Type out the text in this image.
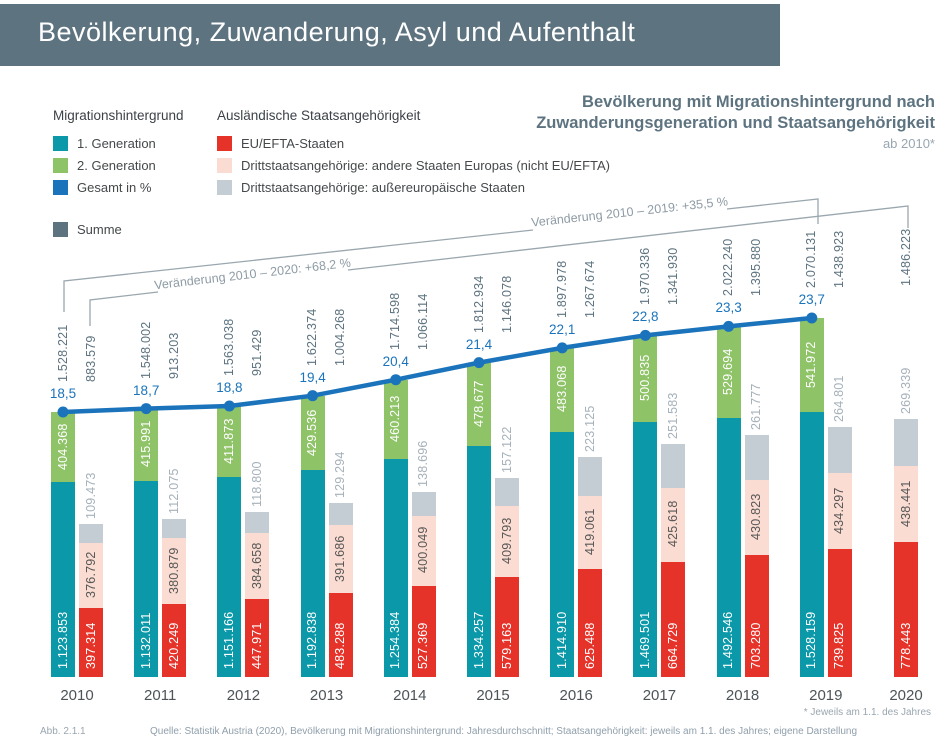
Bevölkerung, Zuwanderung, Asyl und Aufenthalt
Bevölkerung mit Migrationshintergrund nach
Zuwanderungsgeneration und Staatsangehörigkeit
ab 2010*
Migrationshintergrund
1. Generation
2. Generation
Gesamt in %
Ausländische Staatsangehörigkeit
EU/EFTA-Staaten
Drittstaatsangehörige: andere Staaten Europas (nicht EU/EFTA)
Drittstaatsangehörige: außereuropäische Staaten
Summe
1.123.853
404.368
1.528.221
18,5
397.314
376.792
109.473
883.579
2010
1.132.011
415.991
1.548.002
18,7
420.249
380.879
112.075
913.203
2011
1.151.166
411.873
1.563.038
18,8
447.971
384.658
118.800
951.429
2012
1.192.838
429.536
1.622.374
19,4
483.288
391.686
129.294
1.004.268
2013
1.254.384
460.213
1.714.598
20,4
527.369
400.049
138.696
1.066.114
2014
1.334.257
478.677
1.812.934
21,4
579.163
409.793
157.122
1.146.078
2015
1.414.910
483.068
1.897.978
22,1
625.488
419.061
223.125
1.267.674
2016
1.469.501
500.835
1.970.336
22,8
664.729
425.618
251.583
1.341.930
2017
1.492.546
529.694
2.022.240
23,3
703.280
430.823
261.777
1.395.880
2018
1.528.159
541.972
2.070.131
23,7
739.825
434.297
264.801
1.438.923
2019
778.443
438.441
269.339
1.486.223
2020
Veränderung 2010 – 2019: +35,5 %
Veränderung 2010 – 2020: +68,2 %
* Jeweils am 1.1. des Jahres
Abb. 2.1.1	Quelle: Statistik Austria (2020), Bevölkerung mit Migrationshintergrund: Jahresdurchschnitt; Staatsangehörigkeit: jeweils am 1.1. des Jahres; eigene Darstellung
